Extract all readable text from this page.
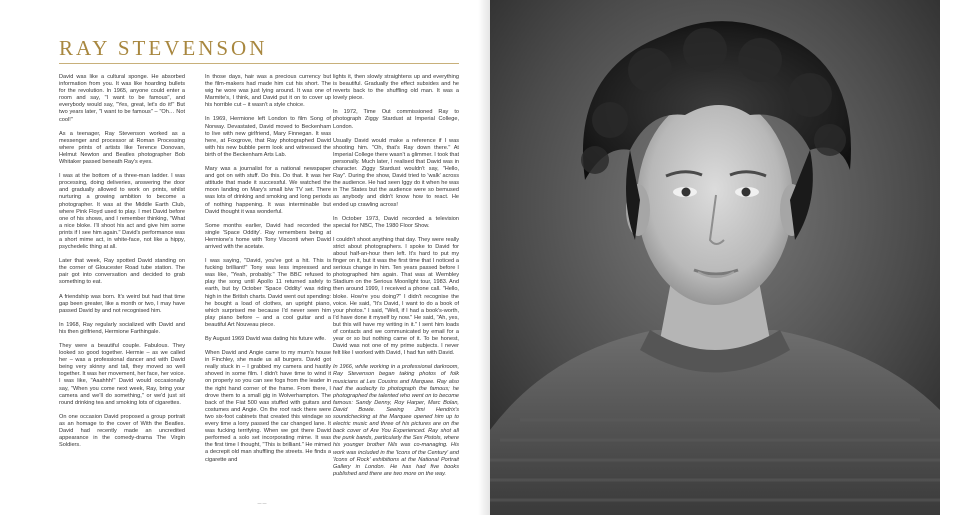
RAY STEVENSON

David was like a cultural sponge. He absorbed information from you. It was like hoarding bullets for the revolution. In 1965, anyone could enter a room and say, "I want to be famous", and everybody would say, "Yes, great, let's do it!" But two years later, "I want to be famous" – "Oh… Not cool!"

As a teenager, Ray Stevenson worked as a messenger and processor at Roman Processing where prints of artists like Terence Donovan, Helmut Newton and Beatles photographer Bob Whitaker passed beneath Ray's eyes.

I was at the bottom of a three-man ladder. I was processing, doing deliveries, answering the door and gradually allowed to work on prints, whilst nurturing a growing ambition to become a photographer. It was at the Middle Earth Club, where Pink Floyd used to play. I met David before one of his shows, and I remember thinking, "What a nice bloke. I'll shoot his act and give him some prints if I see him again." David's performance was a short mime act, in white-face, not like a hippy, psychedelic thing at all.

Later that week, Ray spotted David standing on the corner of Gloucester Road tube station. The pair got into conversation and decided to grab something to eat.

A friendship was born. It's weird but had that time gap been greater, like a month or two, I may have passed David by and not recognised him.

In 1968, Ray regularly socialized with David and his then girlfriend, Hermione Farthingale.

They were a beautiful couple. Fabulous. They looked so good together. Hermie – as we called her – was a professional dancer and with David being very skinny and tall, they moved so well together. It was her movement, her face, her voice. I was like, "Aaahhh!" David would occasionally say, "When you come next week, Ray, bring your camera and we'll do something," or we'd just sit round drinking tea and smoking lots of cigarettes.

On one occasion David proposed a group portrait as an homage to the cover of With the Beatles. David had recently made an uncredited appearance in the comedy-drama The Virgin Soldiers.

In those days, hair was a precious currency but the film-makers had made him cut his short. The wig he wore was just lying around. It was one of Marmite's, I think, and David put it on to cover up his horrible cut – it wasn't a style choice.

In 1969, Hermione left London to film Song of Norway. Devastated, David moved to Beckenham to live with new girlfriend, Mary Finnegan. It was here, at Foxgrove, that Ray photographed David with his new bubble perm look and witnessed the birth of the Beckenham Arts Lab.

Mary was a journalist for a national newspaper and got on with stuff. Do this. Do that. It was her attitude that made it successful. We watched the moon landing on Mary's small b/w TV set. There was lots of drinking and smoking and long periods of nothing happening. It was interminable but David thought it was wonderful.

Some months earlier, David had recorded the single 'Space Oddity'. Ray remembers being at Hermione's home with Tony Visconti when David arrived with the acetate.

I was saying, "David, you've got a hit. This is fucking brilliant!" Tony was less impressed and was like, "Yeah, probably." The BBC refused to play the song until Apollo 11 returned safely to earth, but by October 'Space Oddity' was riding high in the British charts. David went out spending: he bought a load of clothes, an upright piano, which surprised me because I'd never seen him play piano before – and a cool guitar and a beautiful Art Nouveau piece.

By August 1969 David was dating his future wife.

When David and Angie came to my mum's house in Finchley, she made us all burgers. David got really stuck in – I grabbed my camera and hastily shoved in some film. I didn't have time to wind it on properly so you can see fogs from the leader in the right hand corner of the frame. From there, I drove them to a small gig in Wolverhampton. The back of the Fiat 500 was stuffed with guitars and costumes and Angie. On the roof rack there were two six-foot cabinets that created this windage so every time a lorry passed the car changed lane. It was fucking terrifying. When we got there David performed a solo set incorporating mime. It was the first time I thought, "This is brilliant." He mimed a decrepit old man shuffling the streets. He finds a cigarette and

lights it, then slowly straightens up and everything is beautiful. Gradually the effect subsides and he reverts back to the shuffling old man. It was a lovely piece.

In 1972, Time Out commissioned Ray to photograph Ziggy Stardust at Imperial College, London.

Usually David would make a reference if I was shooting him. "Oh, that's Ray down there." At Imperial College there wasn't a glimmer. I took that personally. Much later, I realised that David was in character. Ziggy Stardust wouldn't say, "Hello, Ray". During the show, David tried to 'walk' across the audience. He had seen Iggy do it when he was in The States but the audience were so bemused as anybody and didn't know how to react. He ended up crawling across!

In October 1973, David recorded a television special for NBC, The 1980 Floor Show.

I couldn't shoot anything that day. They were really strict about photographers. I spoke to David for about half-an-hour then left. It's hard to put my finger on it, but it was the first time that I noticed a serious change in him. Ten years passed before I photographed him again. That was at Wembley Stadium on the Serious Moonlight tour, 1983. And then around 1999, I received a phone call. "Hello, bloke. How're you doing?" I didn't recognise the voice. He said, "It's David, I want to do a book of your photos." I said, "Well, if I had a book's-worth, I'd have done it myself by now." He said, "Ah, yes, but this will have my writing in it." I sent him loads of contacts and we communicated by email for a year or so but nothing came of it. To be honest, David was not one of my prime subjects. I never felt like I worked with David, I had fun with David.

In 1966, while working in a professional darkroom, Ray Stevenson began taking photos of folk musicians at Les Cousins and Marquee. Ray also had the audacity to photograph the famous; he photographed the talented who went on to become famous: Sandy Denny, Roy Harper, Marc Bolan, David Bowie. Seeing Jimi Hendrix's soundchecking at the Marquee opened him up to electric music and three of his pictures are on the back cover of Are You Experienced. Ray shot all the punk bands, particularly the Sex Pistols, where his younger brother Nils was co-managing. His work was included in the 'Icons of the Century' and 'Icons of Rock' exhibitions at the National Portrait Gallery in London. He has had five books published and there are two more on the way.

— —
